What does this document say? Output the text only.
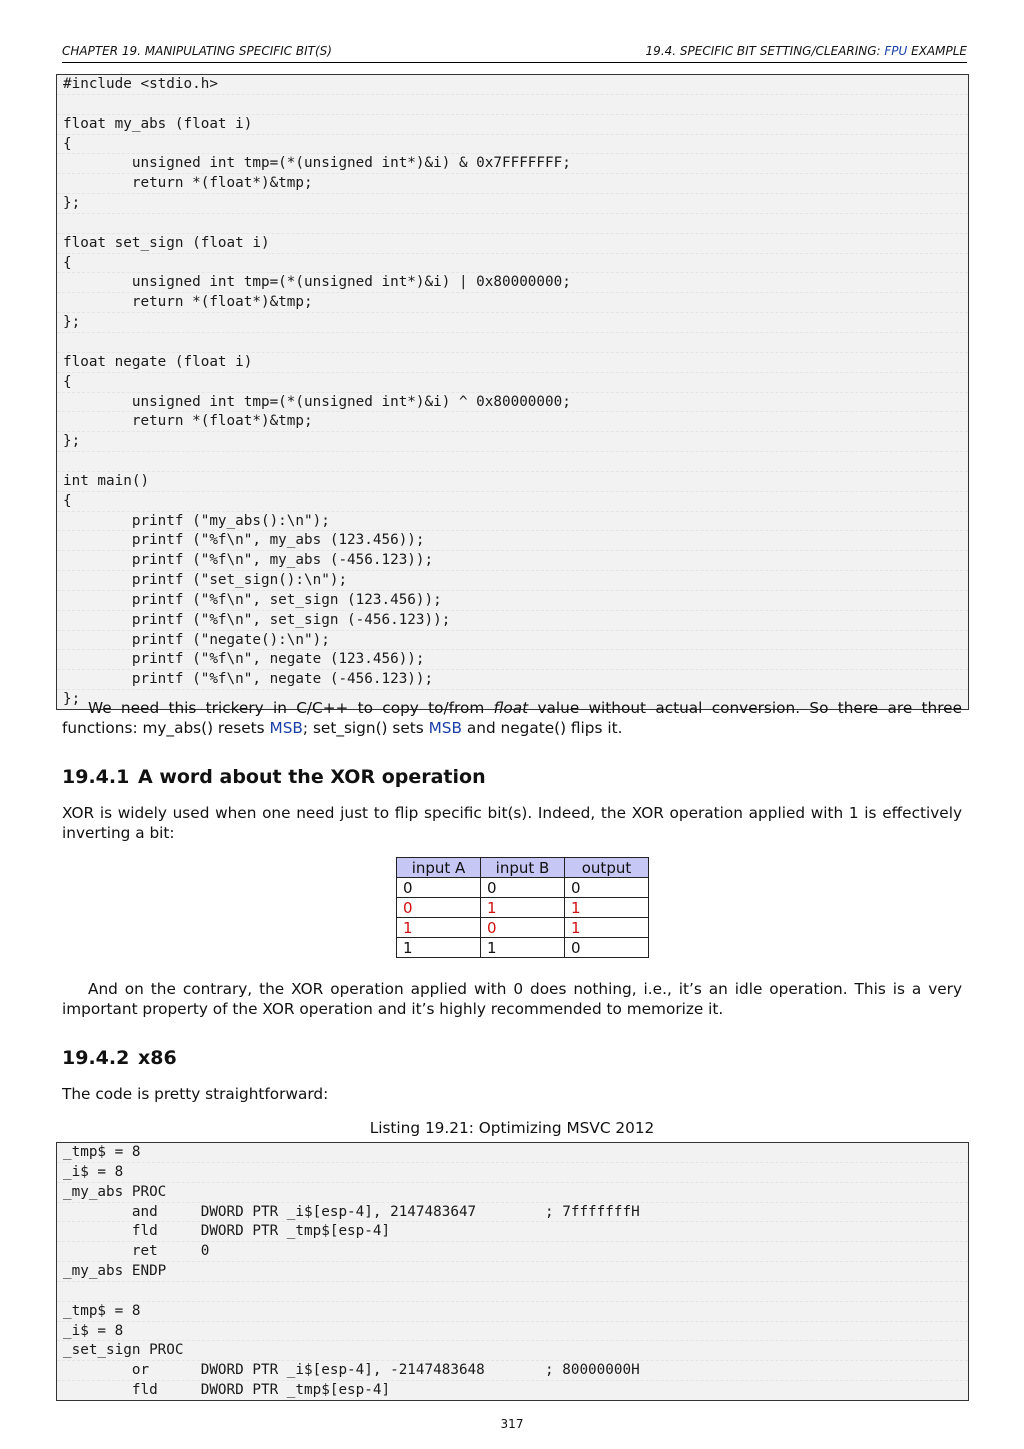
CHAPTER 19. MANIPULATING SPECIFIC BIT(S)	19.4. SPECIFIC BIT SETTING/CLEARING: FPU EXAMPLE
#include <stdio.h>
float my_abs (float i)
{
unsigned int tmp=(*(unsigned int*)&i) & 0x7FFFFFFF;
return *(float*)&tmp;
};
float set_sign (float i)
{
unsigned int tmp=(*(unsigned int*)&i) | 0x80000000;
return *(float*)&tmp;
};
float negate (float i)
{
unsigned int tmp=(*(unsigned int*)&i) ^ 0x80000000;
return *(float*)&tmp;
};
int main()
{
printf ("my_abs():\n");
printf ("%f\n", my_abs (123.456));
printf ("%f\n", my_abs (-456.123));
printf ("set_sign():\n");
printf ("%f\n", set_sign (123.456));
printf ("%f\n", set_sign (-456.123));
printf ("negate():\n");
printf ("%f\n", negate (123.456));
printf ("%f\n", negate (-456.123));
}; We need this trickery in C/C++ to copy to/from float value without actual conversion. So there are three functions: my_abs() resets MSB; set_sign() sets MSB and negate() flips it.
19.4.1 A word about the XOR operation
XOR is widely used when one need just to flip specific bit(s). Indeed, the XOR operation applied with 1 is effectively inverting a bit:
input A	input B	output
0	0	0
0	1	1
1	0	1
1	1	0
And on the contrary, the XOR operation applied with 0 does nothing, i.e., it’s an idle operation. This is a very important property of the XOR operation and it’s highly recommended to memorize it.
19.4.2 x86
The code is pretty straightforward:
Listing 19.21: Optimizing MSVC 2012
_tmp$ = 8
_i$ = 8
_my_abs PROC
and     DWORD PTR _i$[esp-4], 2147483647        ; 7fffffffH
fld     DWORD PTR _tmp$[esp-4]
ret     0
_my_abs ENDP
_tmp$ = 8
_i$ = 8
_set_sign PROC
or      DWORD PTR _i$[esp-4], -2147483648       ; 80000000H
fld     DWORD PTR _tmp$[esp-4]
317
